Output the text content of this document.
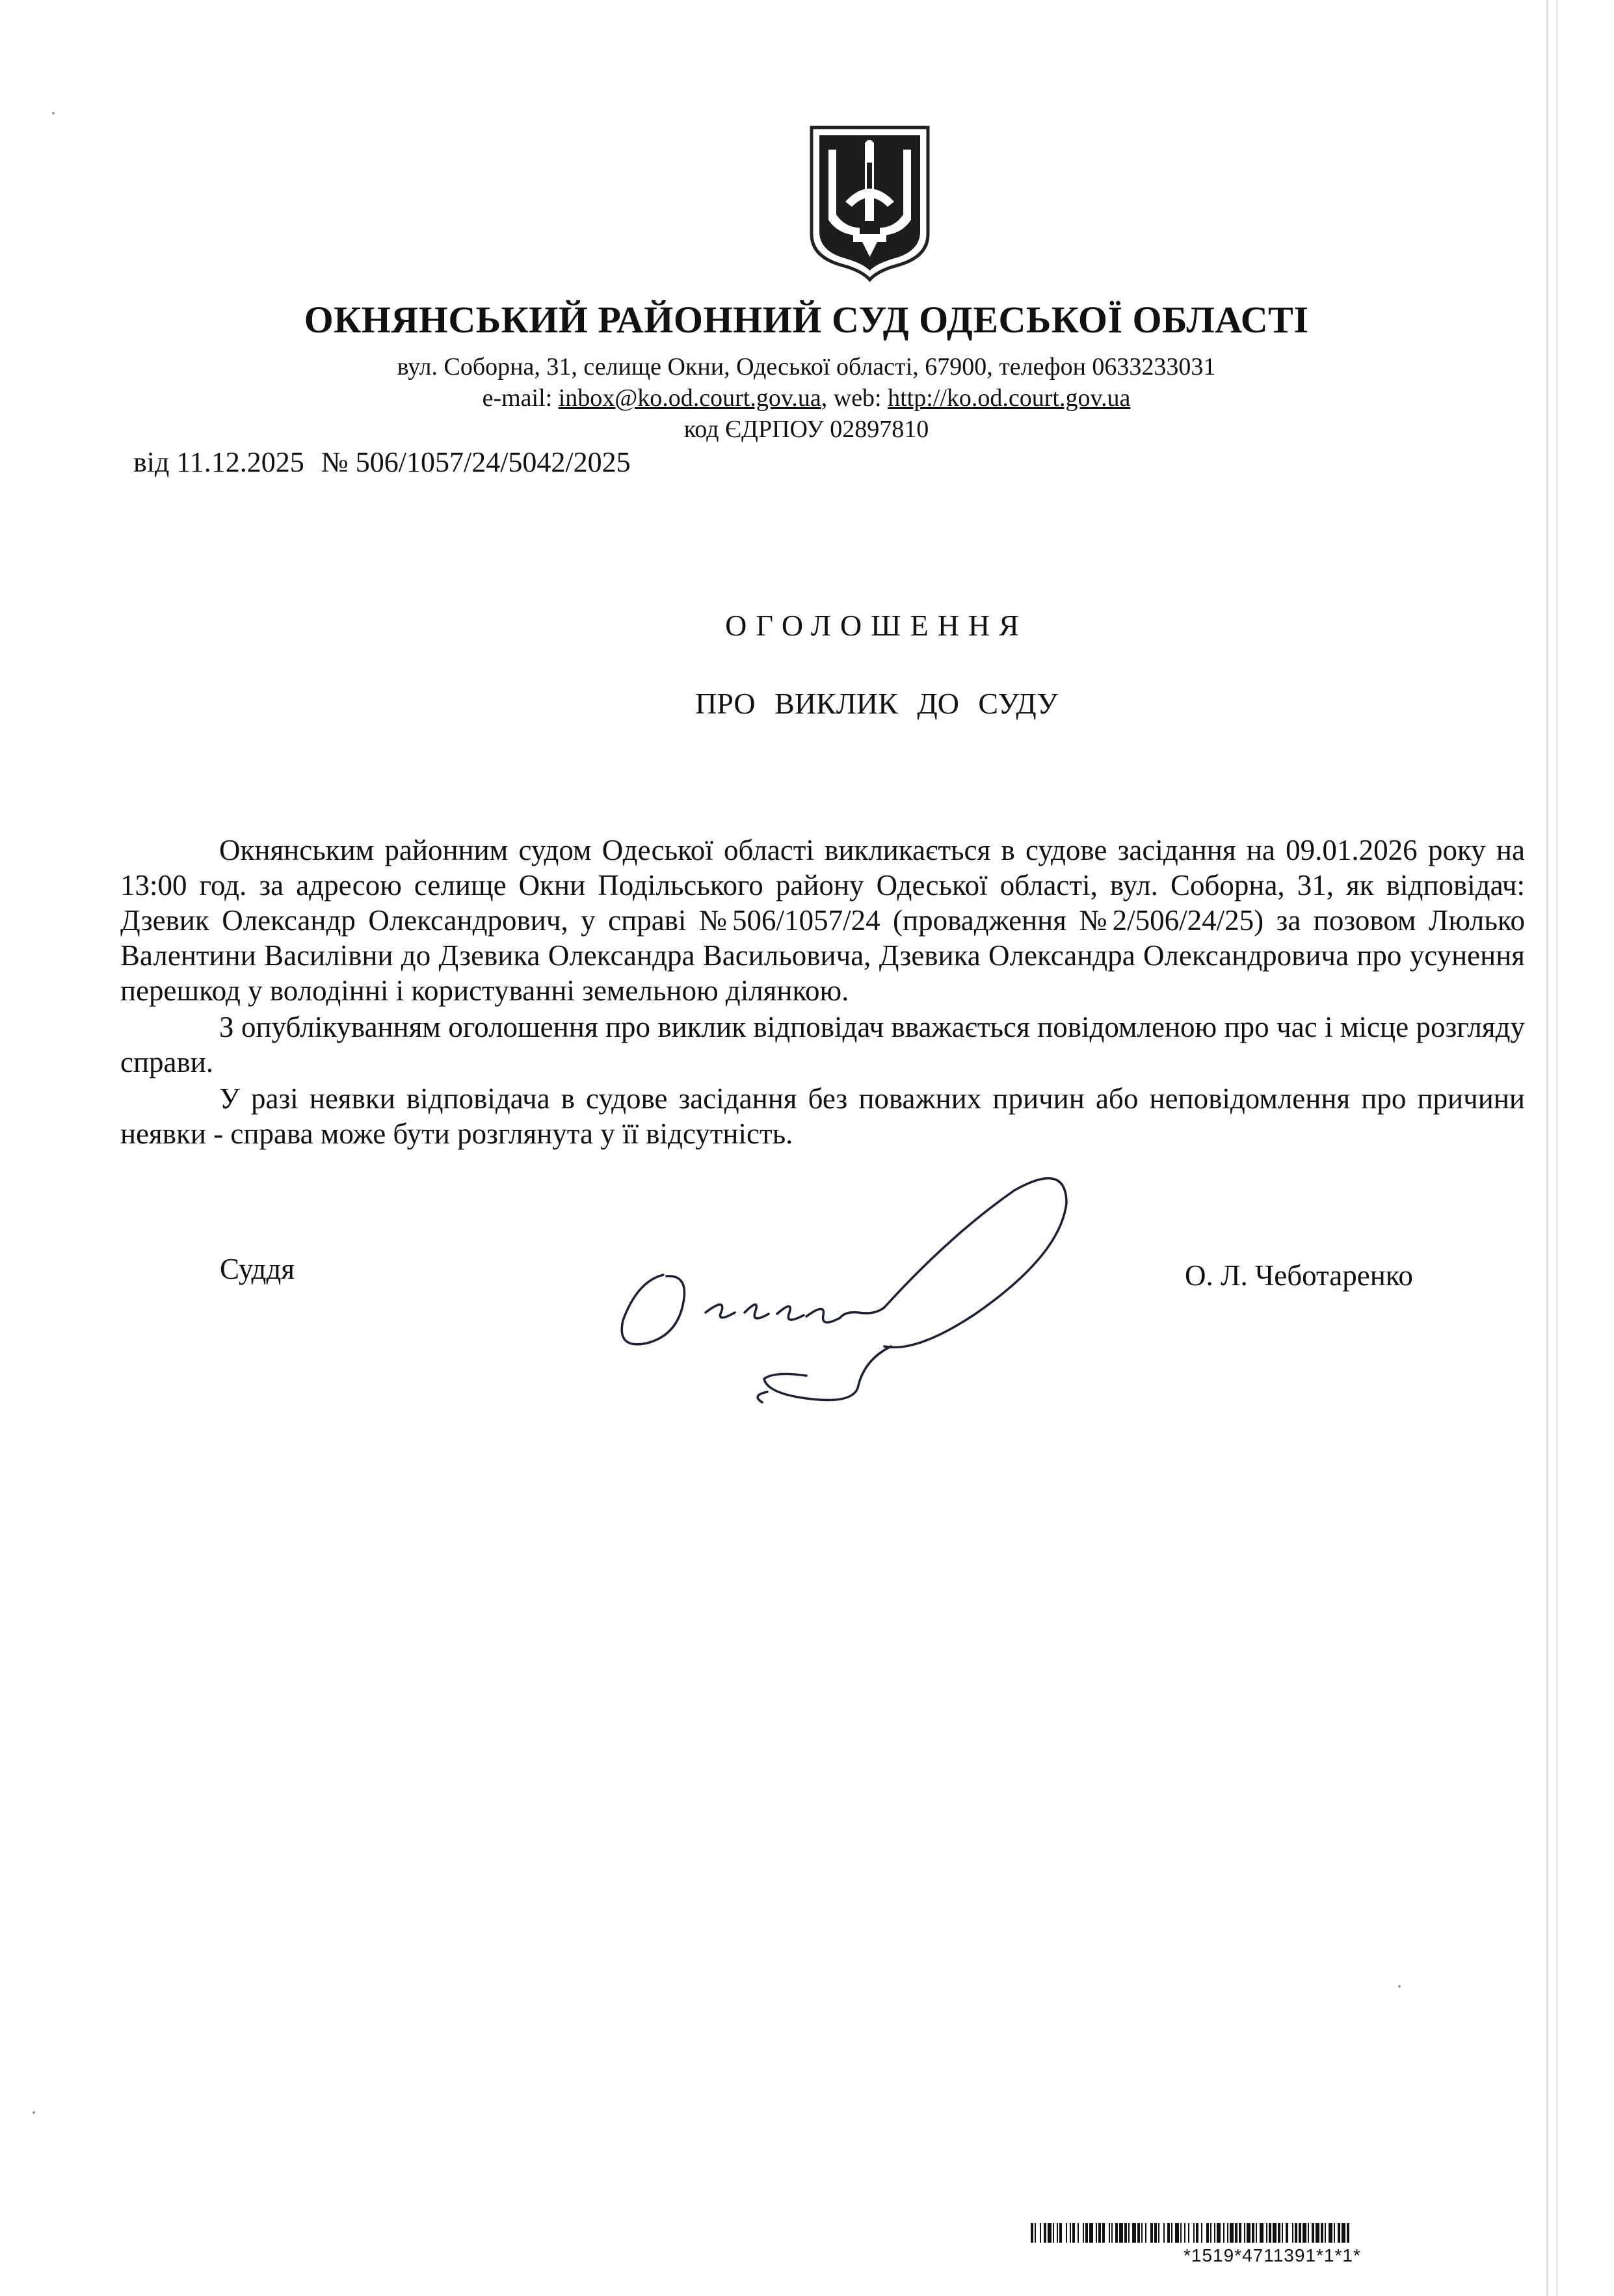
ОКНЯНСЬКИЙ РАЙОННИЙ СУД ОДЕСЬКОЇ ОБЛАСТІ
вул. Соборна, 31, селище Окни, Одеської області, 67900, телефон 0633233031
e-mail: inbox@ko.od.court.gov.ua, web: http://ko.od.court.gov.ua
код ЄДРПОУ 02897810
від 11.12.2025 № 506/1057/24/5042/2025
ОГОЛОШЕННЯ
ПРО ВИКЛИК ДО СУДУ

Окнянським районним судом Одеської області викликається в судове засідання на 09.01.2026 року на 13:00 год. за адресою селище Окни Подільського району Одеської області, вул. Соборна, 31, як відповідач: Дзевик Олександр Олександрович, у справі №506/1057/24 (провадження №2/506/24/25) за позовом Люлько Валентини Василівни до Дзевика Олександра Васильовича, Дзевика Олександра Олександровича про усунення перешкод у володінні і користуванні земельною ділянкою.

З опублікуванням оголошення про виклик відповідач вважається повідомленою про час і місце розгляду справи.

У разі неявки відповідача в судове засідання без поважних причин або неповідомлення про причини неявки - справа може бути розглянута у її відсутність.

Суддя	О. Л. Чеботаренко
*1519*4711391*1*1*
